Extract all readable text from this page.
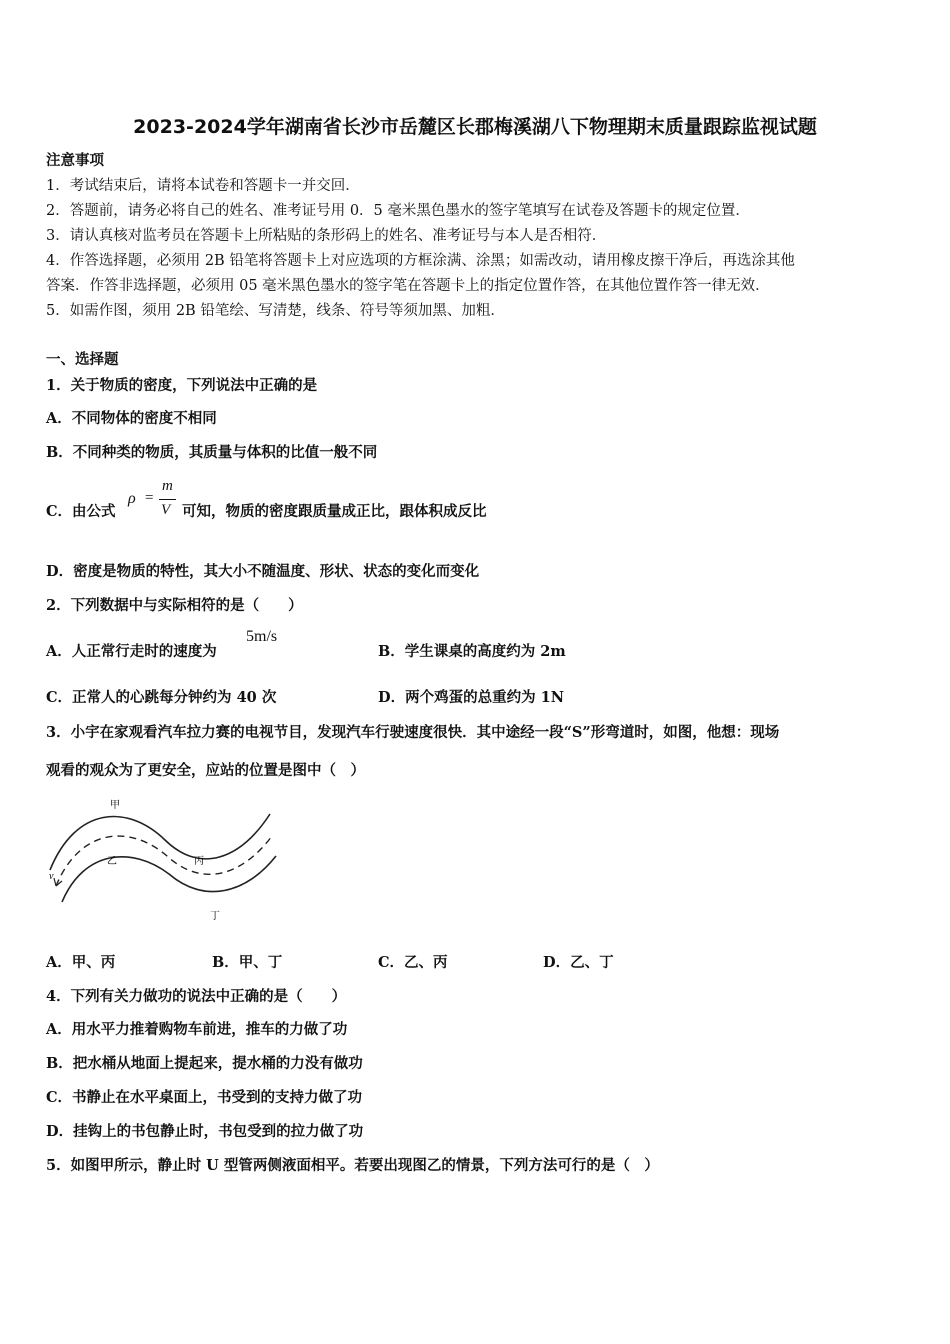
2023-2024学年湖南省长沙市岳麓区长郡梅溪湖八下物理期末质量跟踪监视试题
注意事项
1．考试结束后，请将本试卷和答题卡一并交回．
2．答题前，请务必将自己的姓名、准考证号用 0．5 毫米黑色墨水的签字笔填写在试卷及答题卡的规定位置．
3．请认真核对监考员在答题卡上所粘贴的条形码上的姓名、准考证号与本人是否相符．
4．作答选择题，必须用 2B 铅笔将答题卡上对应选项的方框涂满、涂黑；如需改动，请用橡皮擦干净后，再选涂其他
答案．作答非选择题，必须用 05 毫米黑色墨水的签字笔在答题卡上的指定位置作答，在其他位置作答一律无效．
5．如需作图，须用 2B 铅笔绘、写清楚，线条、符号等须加黑、加粗．
一、选择题
1．关于物质的密度，下列说法中正确的是
A．不同物体的密度不相同
B．不同种类的物质，其质量与体积的比值一般不同
C．由公式
ρ =
m
V 可知，物质的密度跟质量成正比，跟体积成反比
D．密度是物质的特性，其大小不随温度、形状、状态的变化而变化
2．下列数据中与实际相符的是（　　）
A．人正常行走时的速度为
5m/s
B．学生课桌的高度约为 2m
C．正常人的心跳每分钟约为 40 次	D．两个鸡蛋的总重约为 1N
3．小宇在家观看汽车拉力赛的电视节目，发现汽车行驶速度很快．其中途经一段“S”形弯道时，如图，他想：现场
观看的观众为了更安全，应站的位置是图中（　）
甲
乙	丙
丁
v
A．甲、丙	B．甲、丁	C．乙、丙	D．乙、丁
4．下列有关力做功的说法中正确的是（　　）
A．用水平力推着购物车前进，推车的力做了功
B．把水桶从地面上提起来，提水桶的力没有做功
C．书静止在水平桌面上，书受到的支持力做了功
D．挂钩上的书包静止时，书包受到的拉力做了功
5．如图甲所示，静止时 U 型管两侧液面相平。若要出现图乙的情景，下列方法可行的是（　）
